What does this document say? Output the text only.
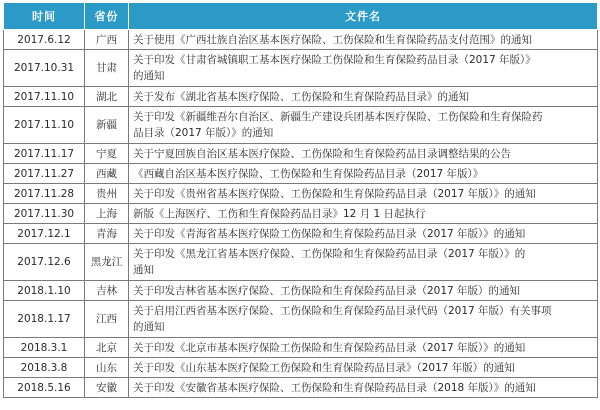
时间	省份	文件名
2017.6.12	广西	关于使用《广西壮族自治区基本医疗保险、工伤保险和生育保险药品支付范围》的通知

2017.10.31	甘肃	关于印发《甘肃省城镇职工基本医疗保险工伤保险和生育保险药品目录（2017 年版）》
的通知

2017.11.10	湖北	关于发布《湖北省基本医疗保险、工伤保险和生育保险药品目录》的通知

2017.11.10	新疆	关于印发《新疆维吾尔自治区、新疆生产建设兵团基本医疗保险、工伤保险和生育保险药
品目录（2017 年版）》的通知

2017.11.17	宁夏	关于宁夏回族自治区基本医疗保险、工伤保险和生育保险药品目录调整结果的公告

2017.11.27	西藏	《西藏自治区基本医疗保险、工伤保险和生育保险药品目录（2017 年版）》

2017.11.28	贵州	关于印发《贵州省基本医疗保险、工伤保险和生育保险药品目录（2017 年版）》的通知

2017.11.30	上海	新版《上海医疗、工伤和生育保险药品目录》12 月 1 日起执行

2017.12.1	青海	关于印发《青海省基本医疗保险工伤保险和生育保险药品目录（2017 年版）》的通知

2017.12.6	黑龙江	关于印发《黑龙江省基本医疗保险、工伤保险和生育保险药品目录（2017 年版）》的
通知

2018.1.10	吉林	关于印发吉林省基本医疗保险、工伤保险和生育保险药品目录（2017 年版）的通知

2018.1.17	江西	关于启用江西省基本医疗保险、工伤保险和生育保险药品目录代码（2017 年版）有关事项
的通知

2018.3.1	北京	关于印发《北京市基本医疗保险工伤保险和生育保险药品目录（2017 年版）》的通知

2018.3.8	山东	关于印发《山东基本医疗保险工伤保险和生育保险药品目录》（2017 年版）的通知

2018.5.16	安徽	关于印发《安徽省基本医疗保险、工伤保险和生育保险药品目录（2018 年版）》的通知
